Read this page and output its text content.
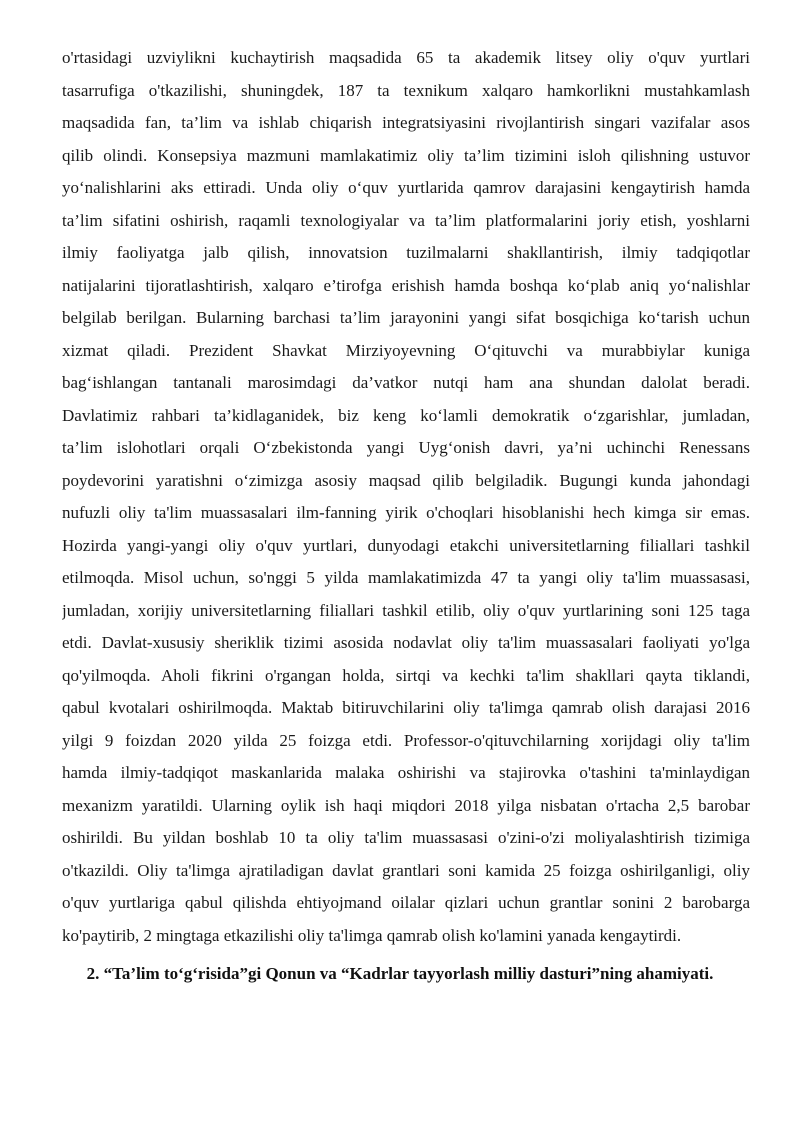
o'rtasidagi uzviylikni kuchaytirish maqsadida 65 ta akademik litsey oliy o'quv yurtlari
tasarrufiga o'tkazilishi, shuningdek, 187 ta texnikum xalqaro hamkorlikni mustahkamlash
maqsadida fan, ta’lim va ishlab chiqarish integratsiyasini rivojlantirish singari vazifalar asos
qilib olindi. Konsepsiya mazmuni mamlakatimiz oliy ta’lim tizimini isloh qilishning ustuvor
yo‘nalishlarini aks ettiradi. Unda oliy o‘quv yurtlarida qamrov darajasini kengaytirish hamda
ta’lim sifatini oshirish, raqamli texnologiyalar va ta’lim platformalarini joriy etish, yoshlarni
ilmiy faoliyatga jalb qilish, innovatsion tuzilmalarni shakllantirish, ilmiy tadqiqotlar
natijalarini tijoratlashtirish, xalqaro e’tirofga erishish hamda boshqa ko‘plab aniq yo‘nalishlar
belgilab berilgan. Bularning barchasi ta’lim jarayonini yangi sifat bosqichiga ko‘tarish uchun
xizmat qiladi. Prezident Shavkat Mirziyoyevning O‘qituvchi va murabbiylar kuniga
bag‘ishlangan tantanali marosimdagi da’vatkor nutqi ham ana shundan dalolat beradi.
Davlatimiz rahbari ta’kidlaganidek, biz keng ko‘lamli demokratik o‘zgarishlar, jumladan,
ta’lim islohotlari orqali O‘zbekistonda yangi Uyg‘onish davri, ya’ni uchinchi Renessans
poydevorini yaratishni o‘zimizga asosiy maqsad qilib belgiladik. Bugungi kunda jahondagi
nufuzli oliy ta'lim muassasalari ilm-fanning yirik o'choqlari hisoblanishi hech kimga sir emas.
Hozirda yangi-yangi oliy o'quv yurtlari, dunyodagi etakchi universitetlarning filiallari tashkil
etilmoqda. Misol uchun, so'nggi 5 yilda mamlakatimizda 47 ta yangi oliy ta'lim muassasasi,
jumladan, xorijiy universitetlarning filiallari tashkil etilib, oliy o'quv yurtlarining soni 125 taga
etdi. Davlat-xususiy sheriklik tizimi asosida nodavlat oliy ta'lim muassasalari faoliyati yo'lga
qo'yilmoqda. Aholi fikrini o'rgangan holda, sirtqi va kechki ta'lim shakllari qayta tiklandi,
qabul kvotalari oshirilmoqda. Maktab bitiruvchilarini oliy ta'limga qamrab olish darajasi 2016
yilgi 9 foizdan 2020 yilda 25 foizga etdi. Professor-o'qituvchilarning xorijdagi oliy ta'lim
hamda ilmiy-tadqiqot maskanlarida malaka oshirishi va stajirovka o'tashini ta'minlaydigan
mexanizm yaratildi. Ularning oylik ish haqi miqdori 2018 yilga nisbatan o'rtacha 2,5 barobar
oshirildi. Bu yildan boshlab 10 ta oliy ta'lim muassasasi o'zini-o'zi moliyalashtirish tizimiga
o'tkazildi. Oliy ta'limga ajratiladigan davlat grantlari soni kamida 25 foizga oshirilganligi, oliy
o'quv yurtlariga qabul qilishda ehtiyojmand oilalar qizlari uchun grantlar sonini 2 barobarga
ko'paytirib, 2 mingtaga etkazilishi oliy ta'limga qamrab olish ko'lamini yanada kengaytirdi.
2. “Ta’lim to‘g‘risida”gi Qonun va “Kadrlar tayyorlash milliy dasturi”ning ahamiyati.
